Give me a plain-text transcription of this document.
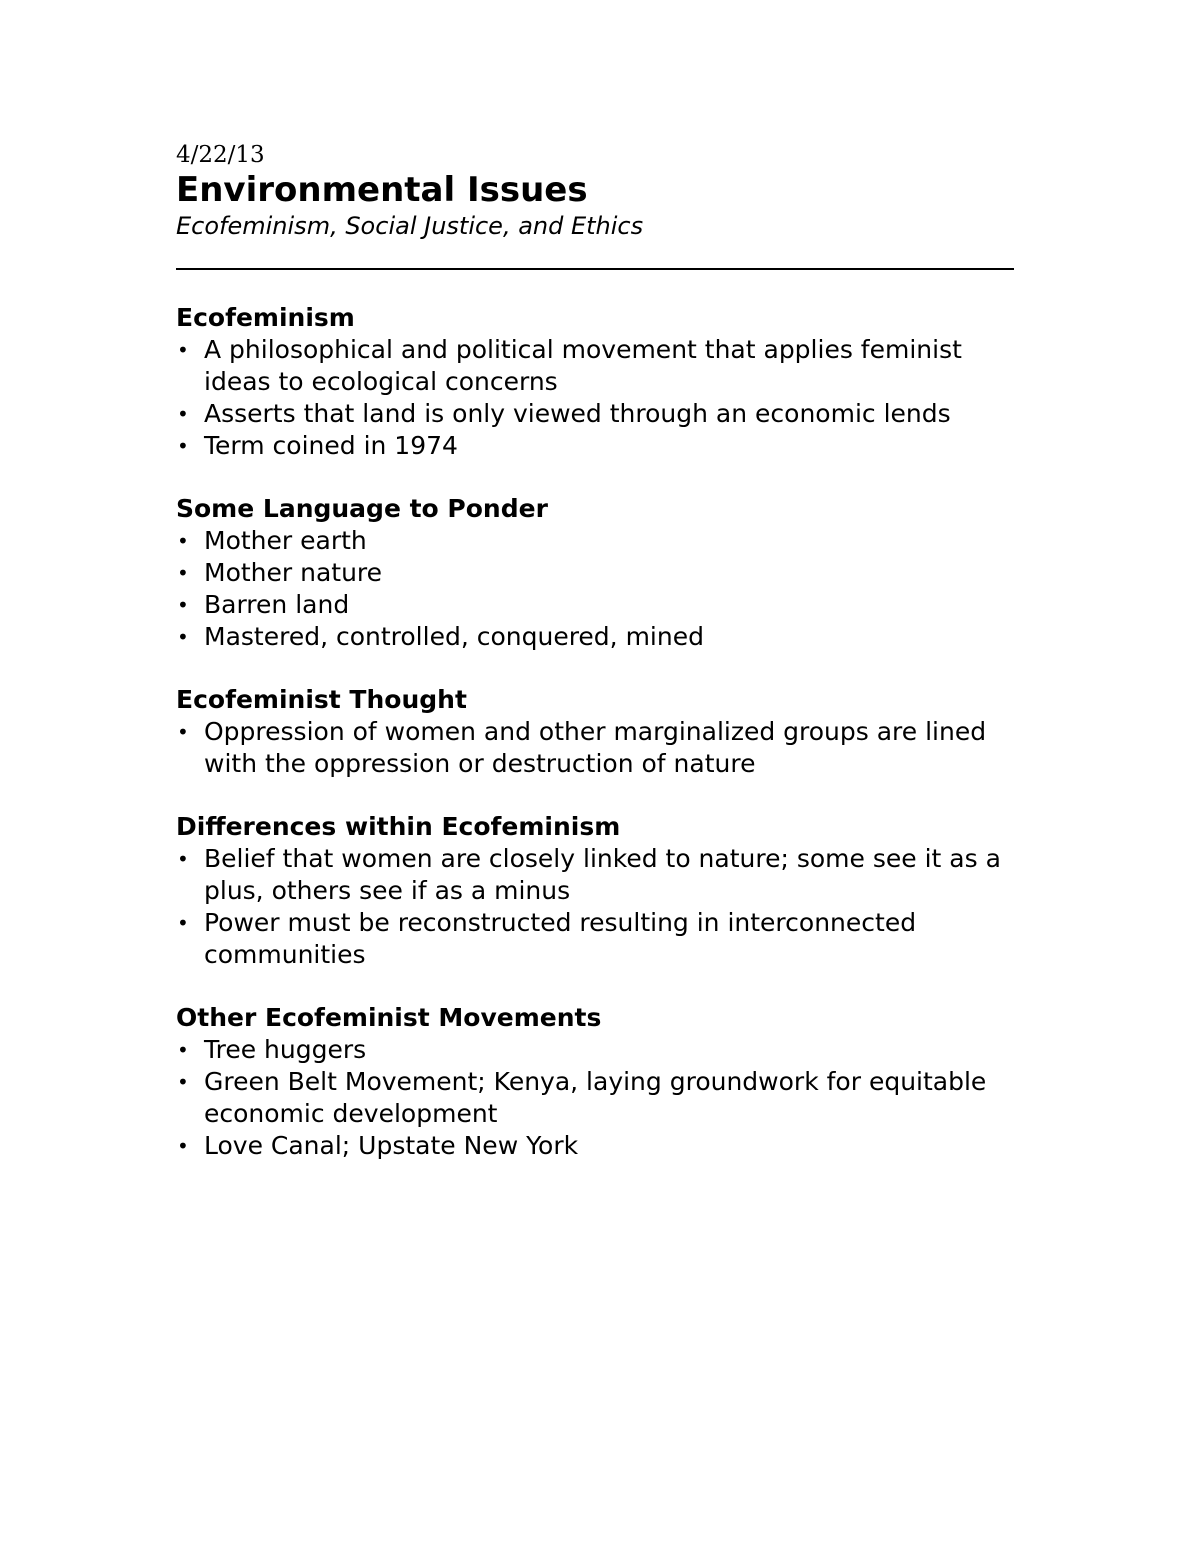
4/22/13

Environmental Issues

Ecofeminism, Social Justice, and Ethics

Ecofeminism
• A philosophical and political movement that applies feminist ideas to ecological concerns
• Asserts that land is only viewed through an economic lends
• Term coined in 1974
Some Language to Ponder
• Mother earth
• Mother nature
• Barren land
• Mastered, controlled, conquered, mined
Ecofeminist Thought
• Oppression of women and other marginalized groups are lined with the oppression or destruction of nature
Differences within Ecofeminism
• Belief that women are closely linked to nature; some see it as a plus, others see if as a minus
• Power must be reconstructed resulting in interconnected communities
Other Ecofeminist Movements
• Tree huggers
• Green Belt Movement; Kenya, laying groundwork for equitable economic development
• Love Canal; Upstate New York
